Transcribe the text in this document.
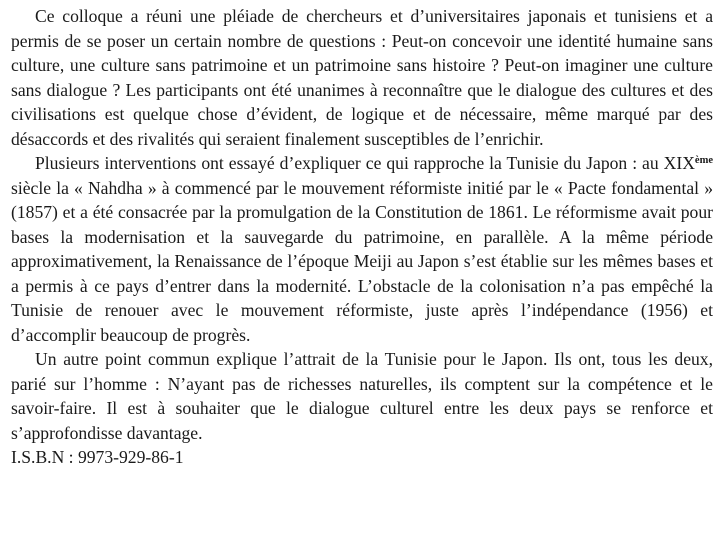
Ce colloque a réuni une pléiade de chercheurs et d’universitaires japonais et tunisiens et a permis de se poser un certain nombre de questions : Peut-on concevoir une identité humaine sans culture, une culture sans patrimoine et un patrimoine sans histoire ? Peut-on imaginer une culture sans dialogue ? Les participants ont été unanimes à reconnaître que le dialogue des cultures et des civilisations est quelque chose d’évident, de logique et de nécessaire, même marqué par des désaccords et des rivalités qui seraient finalement susceptibles de l’enrichir.

Plusieurs interventions ont essayé d’expliquer ce qui rapproche la Tunisie du Japon : au XIXème siècle la « Nahdha » à commencé par le mouvement réformiste initié par le « Pacte fondamental » (1857) et a été consacrée par la promulgation de la Constitution de 1861. Le réformisme avait pour bases la modernisation et la sauvegarde du patrimoine, en parallèle. A la même période approximativement, la Renaissance de l’époque Meiji au Japon s’est établie sur les mêmes bases et a permis à ce pays d’entrer dans la modernité. L’obstacle de la colonisation n’a pas empêché la Tunisie de renouer avec le mouvement réformiste, juste après l’indépendance (1956) et d’accomplir beaucoup de progrès.

Un autre point commun explique l’attrait de la Tunisie pour le Japon. Ils ont, tous les deux, parié sur l’homme : N’ayant pas de richesses naturelles, ils comptent sur la compétence et le savoir-faire. Il est à souhaiter que le dialogue culturel entre les deux pays se renforce et s’approfondisse davantage.

I.S.B.N : 9973-929-86-1
